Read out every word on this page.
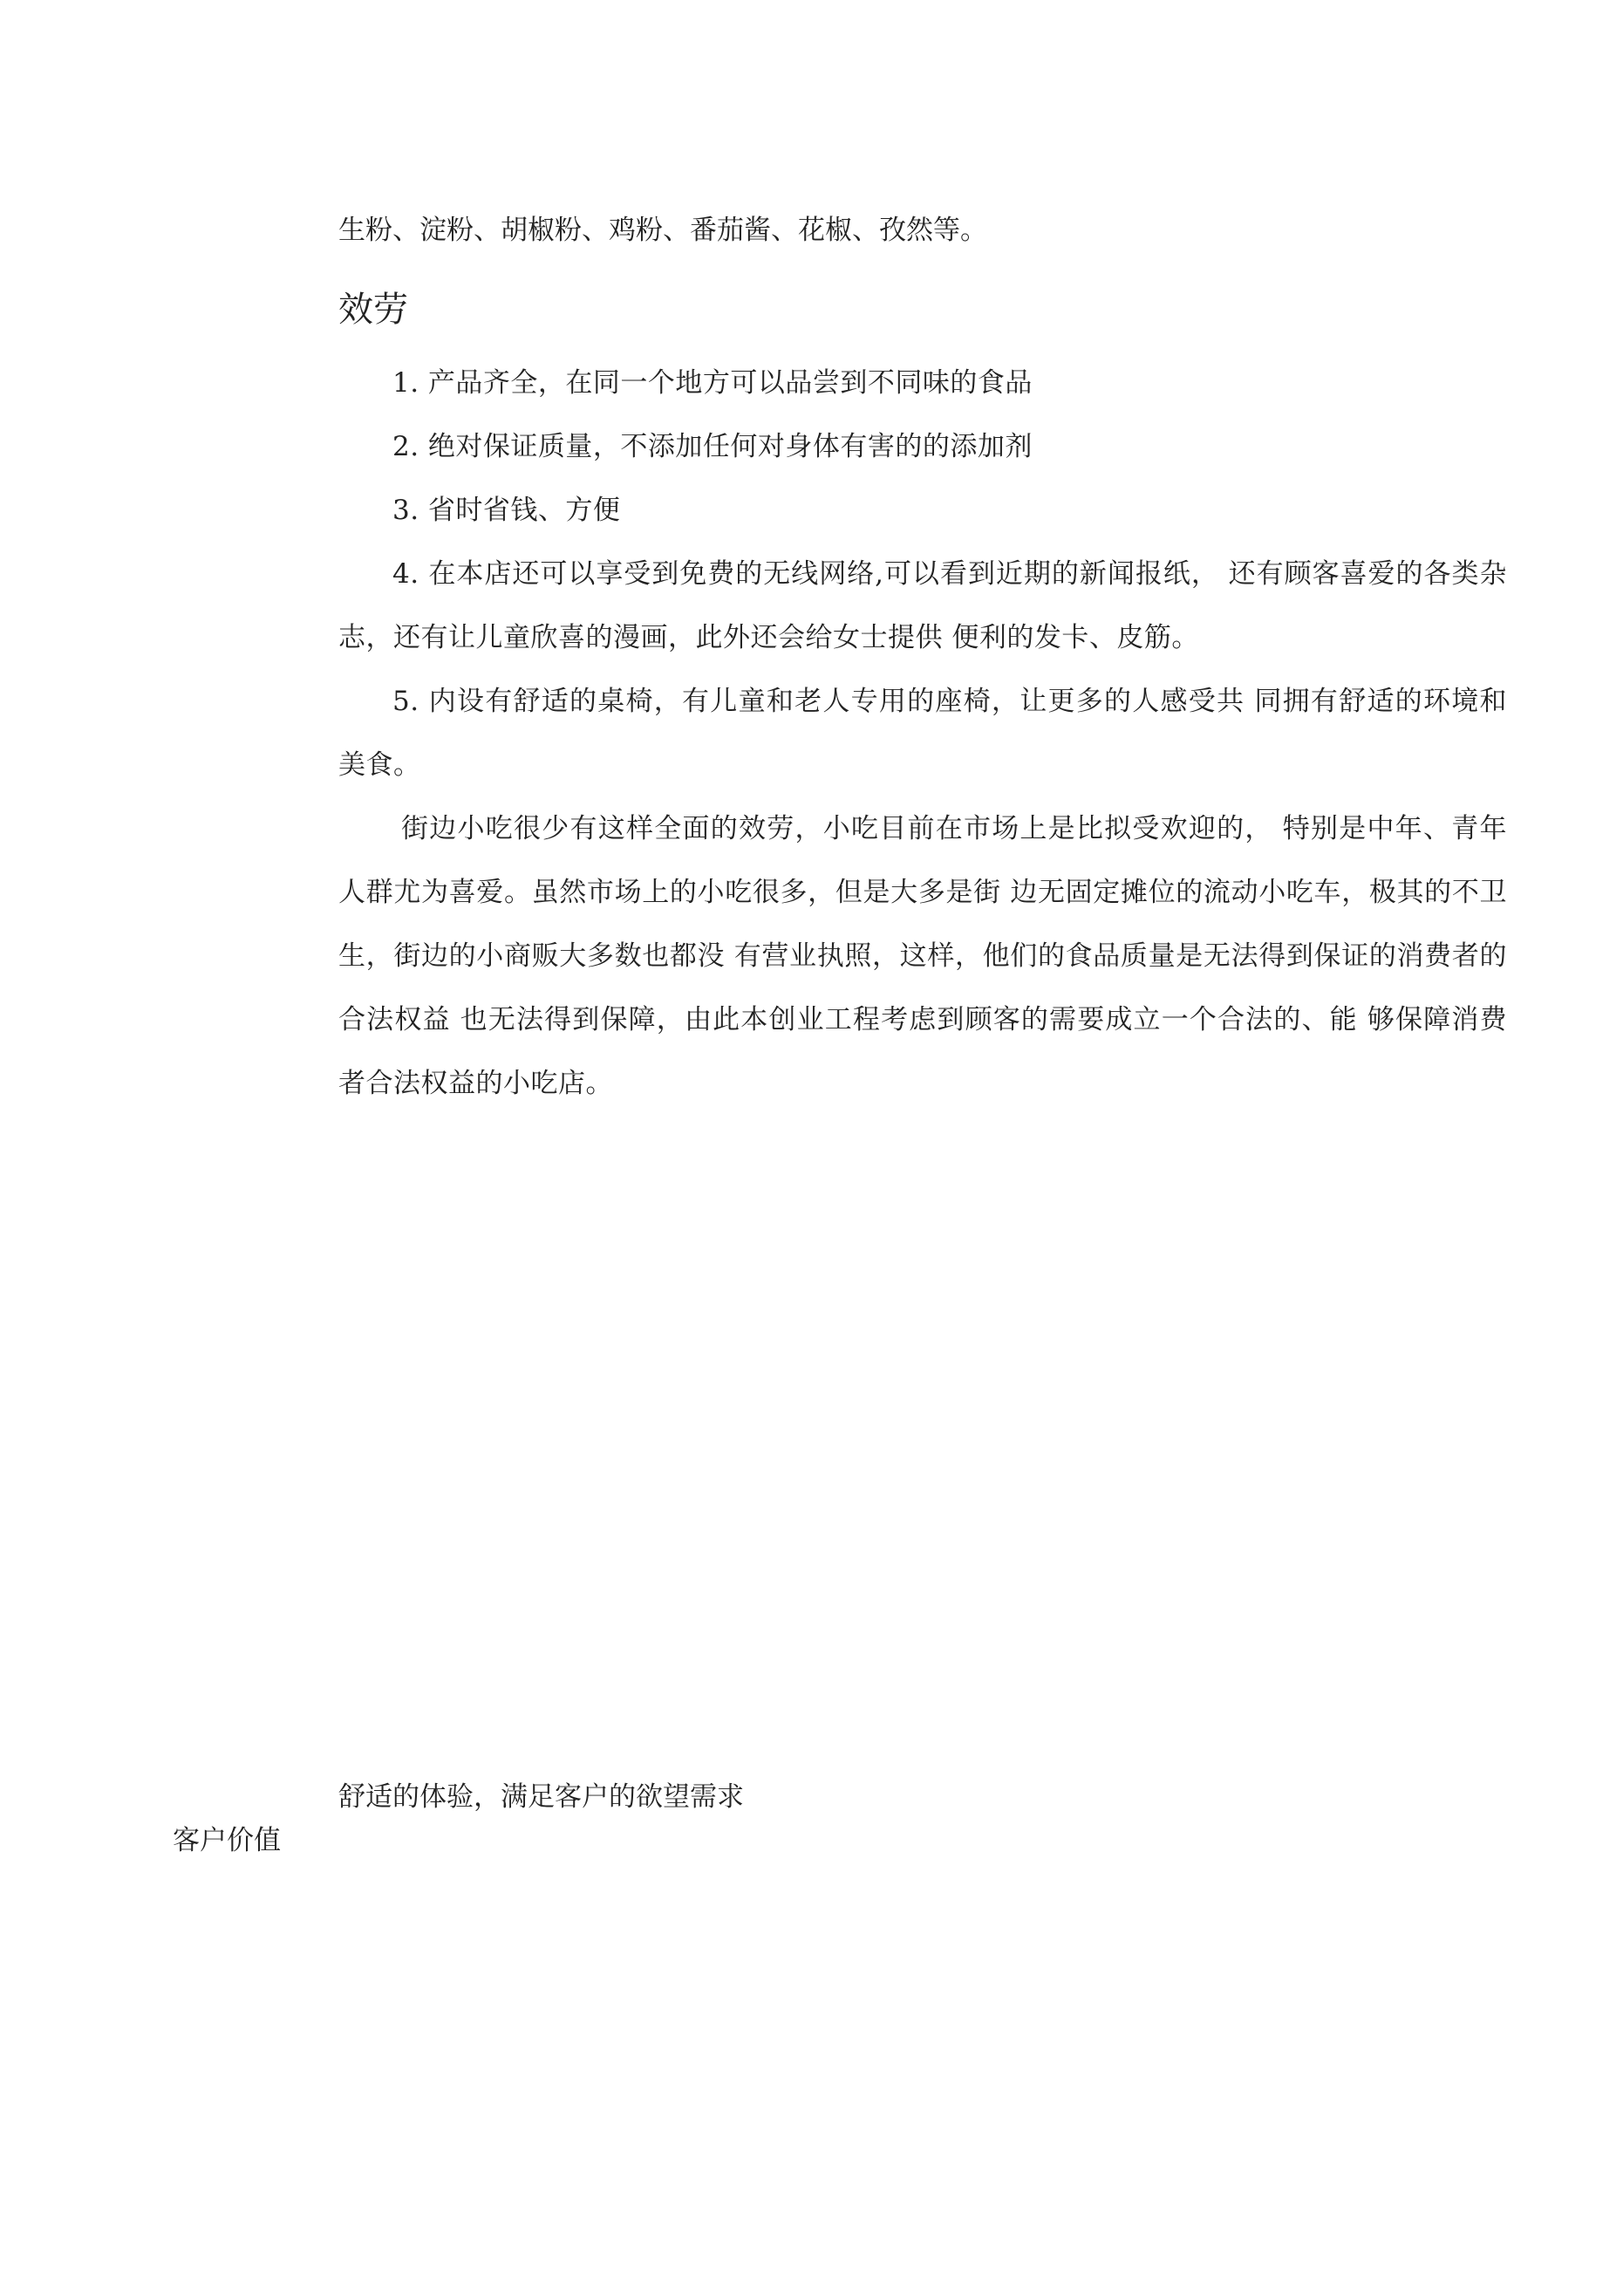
生粉、淀粉、胡椒粉、鸡粉、番茄酱、花椒、孜然等。
效劳

1. 产品齐全，在同一个地方可以品尝到不同味的食品

2. 绝对保证质量，不添加任何对身体有害的的添加剂

3. 省时省钱、方便

4. 在本店还可以享受到免费的无线网络,可以看到近期的新闻报纸， 还有顾客喜爱的各类杂志，还有让儿童欣喜的漫画，此外还会给女士提供 便利的发卡、皮筋。

5. 内设有舒适的桌椅，有儿童和老人专用的座椅，让更多的人感受共 同拥有舒适的环境和美食。

街边小吃很少有这样全面的效劳，小吃目前在市场上是比拟受欢迎的， 特别是中年、青年人群尤为喜爱。虽然市场上的小吃很多，但是大多是街 边无固定摊位的流动小吃车，极其的不卫生，街边的小商贩大多数也都没 有营业执照，这样，他们的食品质量是无法得到保证的消费者的合法权益 也无法得到保障，由此本创业工程考虑到顾客的需要成立一个合法的、能 够保障消费者合法权益的小吃店。

舒适的体验，满足客户的欲望需求
客户价值
